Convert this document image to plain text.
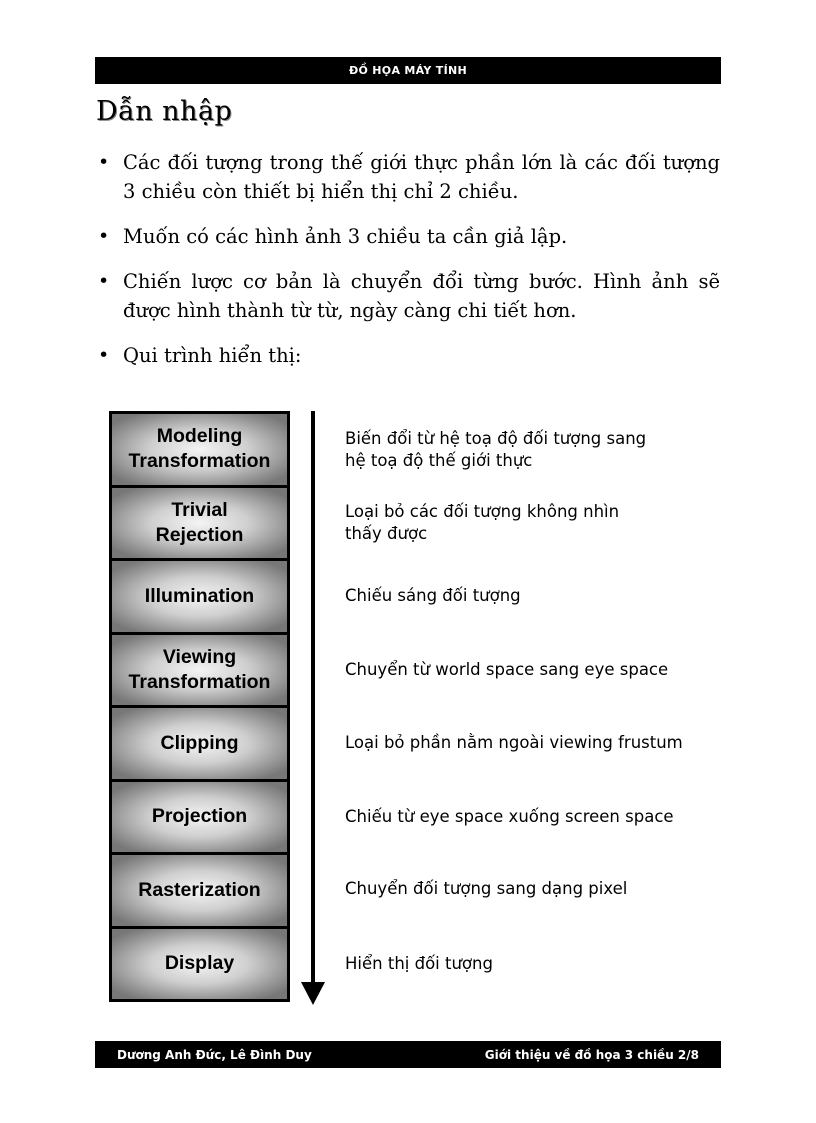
ĐỒ HỌA MÁY TÍNH
Dẫn nhập
• Các đối tượng trong thế giới thực phần lớn là các đối tượng 3 chiều còn thiết bị hiển thị chỉ 2 chiều.
• Muốn có các hình ảnh 3 chiều ta cần giả lập.
• Chiến lược cơ bản là chuyển đổi từng bước. Hình ảnh sẽ được hình thành từ từ, ngày càng chi tiết hơn.
• Qui trình hiển thị:
Modeling
Transformation
Trivial
Rejection
Illumination
Viewing
Transformation
Clipping
Projection
Rasterization
Display
Biến đổi từ hệ toạ độ đối tượng sang
hệ toạ độ thế giới thực
Loại bỏ các đối tượng không nhìn
thấy được
Chiếu sáng đối tượng
Chuyển từ world space sang eye space
Loại bỏ phần nằm ngoài viewing frustum
Chiếu từ eye space xuống screen space
Chuyển đối tượng sang dạng pixel
Hiển thị đối tượng
Dương Anh Đức, Lê Đình Duy	Giới thiệu về đồ họa 3 chiều 2/8
